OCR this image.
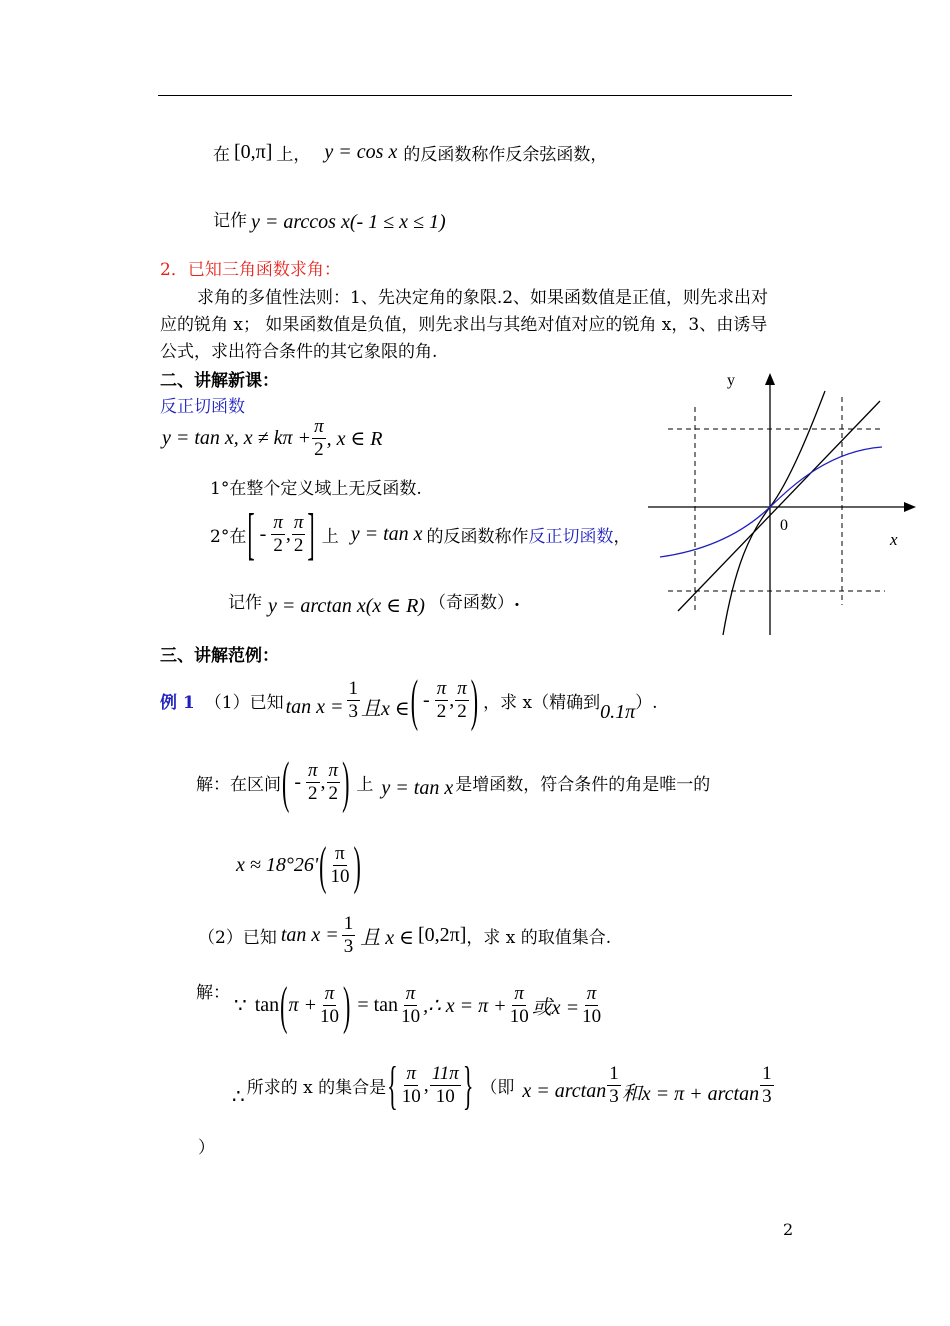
在 [0,π] 上， y = cos x 的反函数称作反余弦函数，
记作 y = arccos x(- 1 ≤ x ≤ 1)
2．已知三角函数求角：
求角的多值性法则：1、先决定角的象限.2、如果函数值是正值，则先求出对
应的锐角 x； 如果函数值是负值，则先求出与其绝对值对应的锐角 x，3、由诱导
公式，求出符合条件的其它象限的角.
二、讲解新课：
反正切函数
y = tan x, $x \ne k\pi + \frac{\pi}{2}$ , x ∈ R
1°在整个定义域上无反函数.
2°在 [ - $\frac{\pi}{2}$ , $\frac{\pi}{2}$ ] 上 y = tan x 的反函数称作 反正切函数 ，
记作 y = arctan x(x ∈ R) （奇函数） .
y
x
0
三、讲解范例：
例 1 （1）已知 $\tan x = \frac{1}{3}$ 且x ∈ ( - $\frac{\pi}{2}$ , $\frac{\pi}{2}$ ) ，求 x（精确到 0.1π ）.
解：在区间 ( - $\frac{\pi}{2}$ , $\frac{\pi}{2}$ ) 上 y = tan x 是增函数，符合条件的角是唯一的
x ≈ 18°26' ( $\frac{\pi}{10}$ )
（2）已知 $\tan x = \frac{1}{3}$ 且 x ∈ [0,2π] ，求 x 的取值集合.
解：
∵ tan ( $\pi + \frac{\pi}{10}$ ) = $\tan \frac{\pi}{10}$ ,∴ $x = \pi + \frac{\pi}{10}$ 或$x = \frac{\pi}{10}$
∴ 所求的 x 的集合是 { $\frac{\pi}{10}$ , $\frac{11\pi}{10}$ } （即 $x = \arctan \frac{1}{3}$ 和$x = \pi + \arctan \frac{1}{3}$
）
2
